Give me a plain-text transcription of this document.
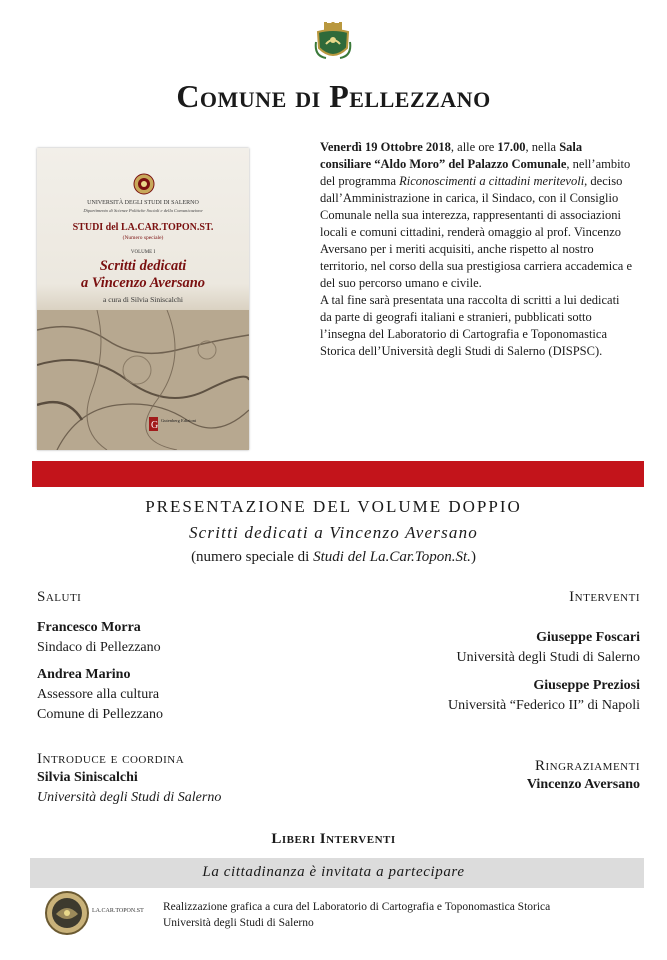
Comune di Pellezzano
UNIVERSITÀ DEGLI STUDI DI SALERNO
Dipartimento di Scienze Politiche Sociali e della Comunicazione
STUDI del LA.CAR.TOPON.ST.
(Numero speciale)
VOLUME I
Scritti dedicati
a Vincenzo Aversano
a cura di Silvia Siniscalchi
G Gutenberg Edizioni

Venerdì 19 Ottobre 2018, alle ore 17.00, nella Sala consiliare “Aldo Moro” del Palazzo Comunale, nell’ambito del programma Riconoscimenti a cittadini meritevoli, deciso dall’Amministrazione in carica, il Sindaco, con il Consiglio Comunale nella sua interezza, rappresentanti di associazioni locali e comuni cittadini, renderà omaggio al prof. Vincenzo Aversano per i meriti acquisiti, anche rispetto al nostro territorio, nel corso della sua prestigiosa carriera accademica e del suo percorso umano e civile.

A tal fine sarà presentata una raccolta di scritti a lui dedicati da parte di geografi italiani e stranieri, pubblicati sotto l’insegna del Laboratorio di Cartografia e Toponomastica Storica dell’Università degli Studi di Salerno (DISPSC).

PRESENTAZIONE DEL VOLUME DOPPIO
Scritti dedicati a Vincenzo Aversano
(numero speciale di Studi del La.Car.Topon.St.)
Saluti
Francesco Morra
Sindaco di Pellezzano
Andrea Marino
Assessore alla cultura
Comune di Pellezzano
Interventi
Giuseppe Foscari
Università degli Studi di Salerno
Giuseppe Preziosi
Università “Federico II” di Napoli
Introduce e coordina
Silvia Siniscalchi
Università degli Studi di Salerno
Ringraziamenti
Vincenzo Aversano
Liberi Interventi
La cittadinanza è invitata a partecipare
LA.CAR.TOPON.ST Realizzazione grafica a cura del Laboratorio di Cartografia e Toponomastica Storica
Università degli Studi di Salerno
